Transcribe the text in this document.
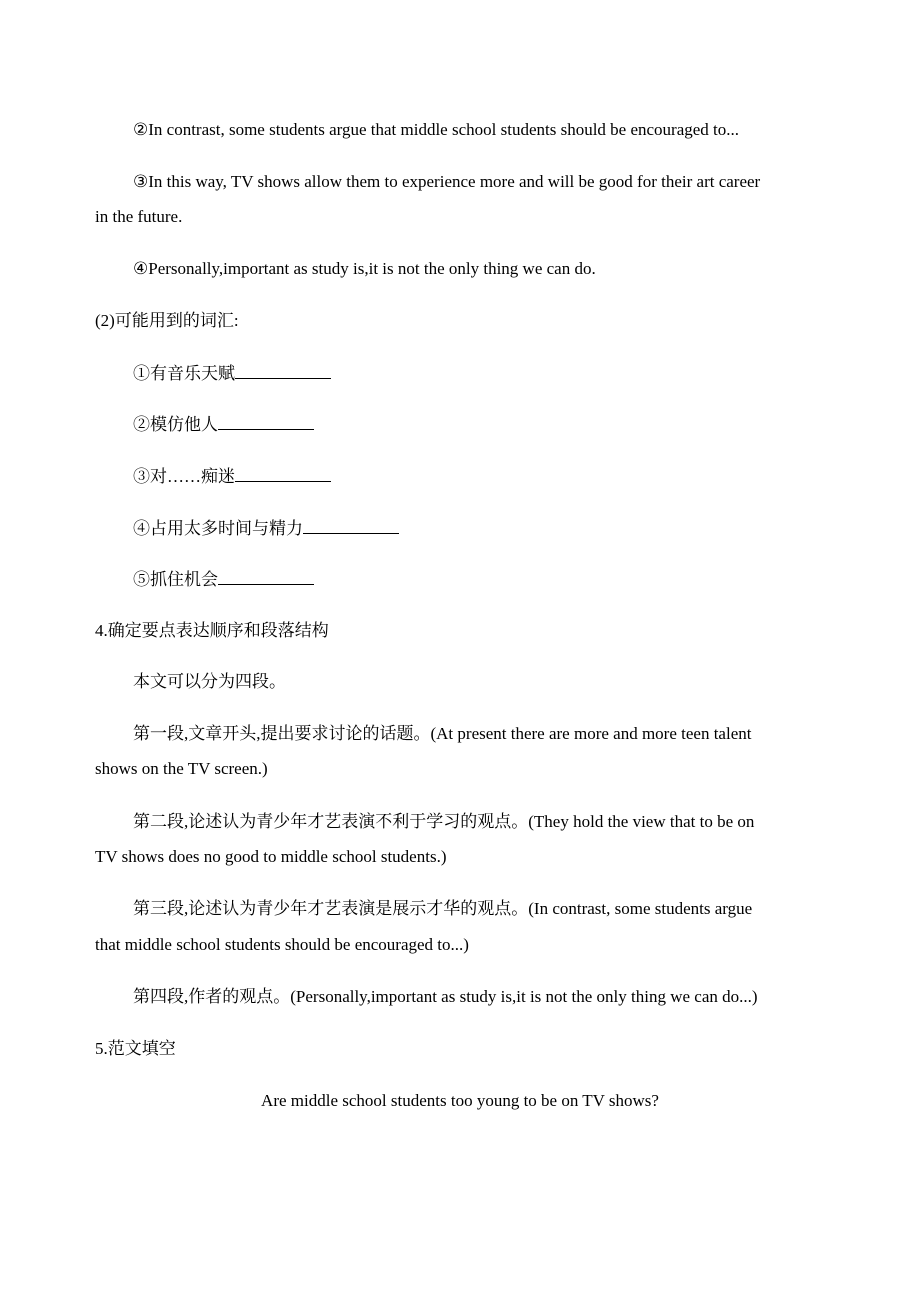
②In contrast, some students argue that middle school students should be encouraged to...
③In this way, TV shows allow them to experience more and will be good for their art career
in the future.
④Personally,important as study is,it is not the only thing we can do.
(2)可能用到的词汇:
①有音乐天赋
②模仿他人
③对……痴迷
④占用太多时间与精力
⑤抓住机会
4.确定要点表达顺序和段落结构
本文可以分为四段。
第一段,文章开头,提出要求讨论的话题。(At present there are more and more teen talent
shows on the TV screen.)
第二段,论述认为青少年才艺表演不利于学习的观点。(They hold the view that to be on
TV shows does no good to middle school students.)
第三段,论述认为青少年才艺表演是展示才华的观点。(In contrast, some students argue
that middle school students should be encouraged to...)
第四段,作者的观点。(Personally,important as study is,it is not the only thing we can do...)
5.范文填空
Are middle school students too young to be on TV shows?
